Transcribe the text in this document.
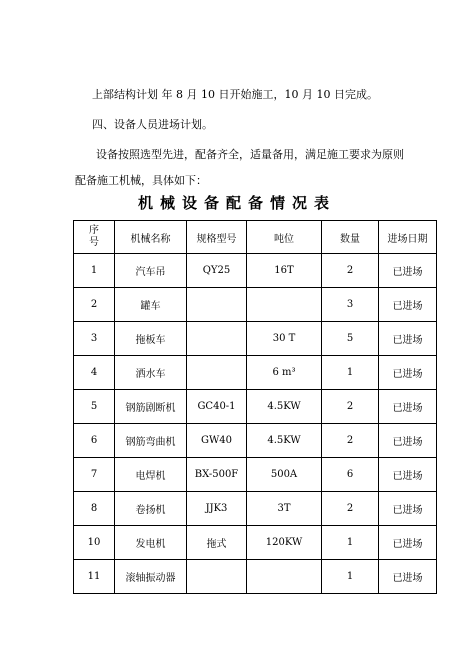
上部结构计划 年 8 月 10 日开始施工，10 月 10 日完成。
四、设备人员进场计划。
设备按照选型先进，配备齐全，适量备用，满足施工要求为原则
配备施工机械，具体如下：
机械设备配备情况表
序
号	机械名称	规格型号	吨位	数量	进场日期
1	汽车吊	QY25	16T	2	已进场
2	罐车			3	已进场
3	拖板车		30 T	5	已进场
4	洒水车		6 m³	1	已进场
5	钢筋剧断机	GC40-1	4.5KW	2	已进场
6	钢筋弯曲机	GW40	4.5KW	2	已进场
7	电焊机	BX-500F	500A	6	已进场
8	卷扬机	JJK3	3T	2	已进场
10	发电机	拖式	120KW	1	已进场
11	滚轴振动器			1	已进场
